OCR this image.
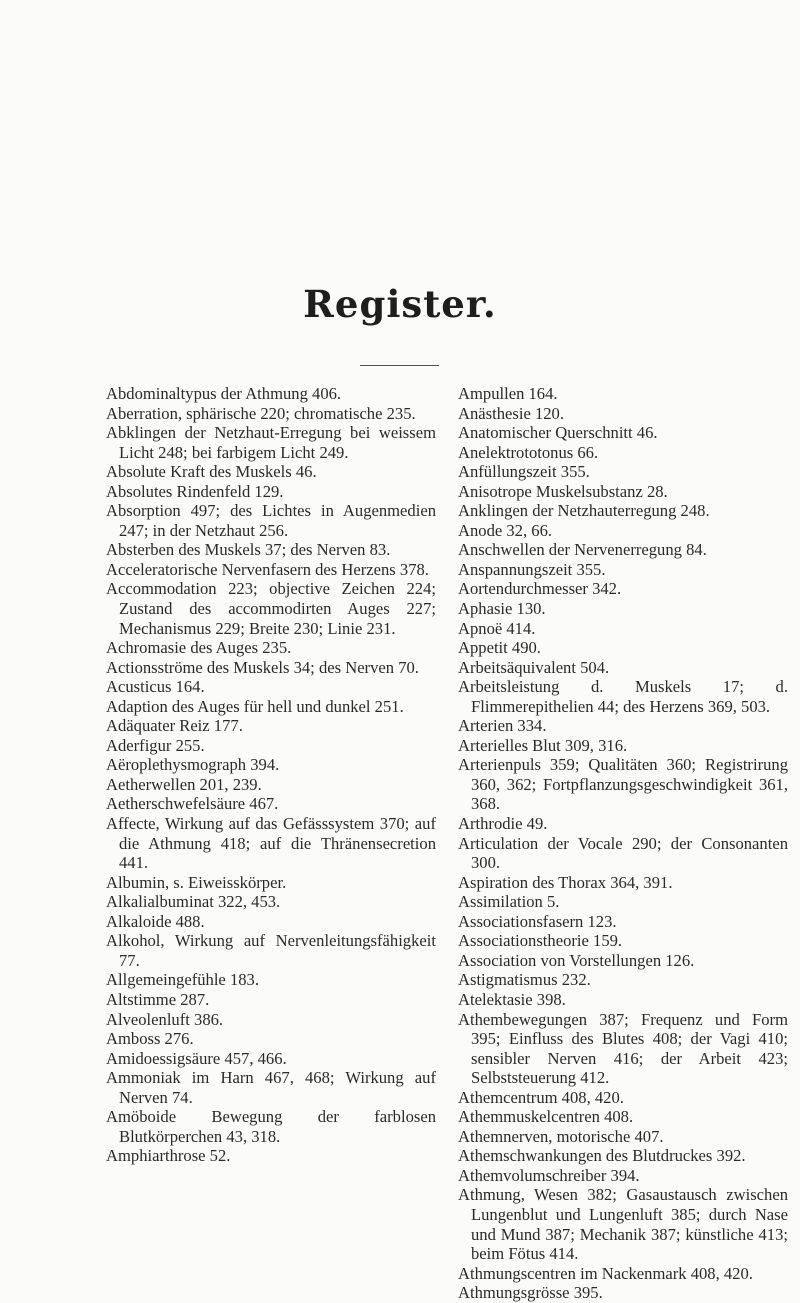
Register.
Abdominaltypus der Athmung 406.
Aberration, sphärische 220; chromatische 235.
Abklingen der Netzhaut-Erregung bei weissem Licht 248; bei farbigem Licht 249.
Absolute Kraft des Muskels 46.
Absolutes Rindenfeld 129.
Absorption 497; des Lichtes in Augenmedien 247; in der Netzhaut 256.
Absterben des Muskels 37; des Nerven 83.
Acceleratorische Nervenfasern des Herzens 378.
Accommodation 223; objective Zeichen 224; Zustand des accommodirten Auges 227; Mechanismus 229; Breite 230; Linie 231.
Achromasie des Auges 235.
Actionsströme des Muskels 34; des Nerven 70.
Acusticus 164.
Adaption des Auges für hell und dunkel 251.
Adäquater Reiz 177.
Aderfigur 255.
Aëroplethysmograph 394.
Aetherwellen 201, 239.
Aetherschwefelsäure 467.
Affecte, Wirkung auf das Gefässsystem 370; auf die Athmung 418; auf die Thränensecretion 441.
Albumin, s. Eiweisskörper.
Alkalialbuminat 322, 453.
Alkaloide 488.
Alkohol, Wirkung auf Nervenleitungsfähigkeit 77.
Allgemeingefühle 183.
Altstimme 287.
Alveolenluft 386.
Amboss 276.
Amidoessigsäure 457, 466.
Ammoniak im Harn 467, 468; Wirkung auf Nerven 74.
Amöboide Bewegung der farblosen Blutkörperchen 43, 318.
Amphiarthrose 52.
Ampullen 164.
Anästhesie 120.
Anatomischer Querschnitt 46.
Anelektrototonus 66.
Anfüllungszeit 355.
Anisotrope Muskelsubstanz 28.
Anklingen der Netzhauterregung 248.
Anode 32, 66.
Anschwellen der Nervenerregung 84.
Anspannungszeit 355.
Aortendurchmesser 342.
Aphasie 130.
Apnoë 414.
Appetit 490.
Arbeitsäquivalent 504.
Arbeitsleistung d. Muskels 17; d. Flimmerepithelien 44; des Herzens 369, 503.
Arterien 334.
Arterielles Blut 309, 316.
Arterienpuls 359; Qualitäten 360; Registrirung 360, 362; Fortpflanzungsgeschwindigkeit 361, 368.
Arthrodie 49.
Articulation der Vocale 290; der Consonanten 300.
Aspiration des Thorax 364, 391.
Assimilation 5.
Associationsfasern 123.
Associationstheorie 159.
Association von Vorstellungen 126.
Astigmatismus 232.
Atelektasie 398.
Athembewegungen 387; Frequenz und Form 395; Einfluss des Blutes 408; der Vagi 410; sensibler Nerven 416; der Arbeit 423; Selbststeuerung 412.
Athemcentrum 408, 420.
Athemmuskelcentren 408.
Athemnerven, motorische 407.
Athemschwankungen des Blutdruckes 392.
Athemvolumschreiber 394.
Athmung, Wesen 382; Gasaustausch zwischen Lungenblut und Lungenluft 385; durch Nase und Mund 387; Mechanik 387; künstliche 413; beim Fötus 414.
Athmungscentren im Nackenmark 408, 420.
Athmungsgrösse 395.
